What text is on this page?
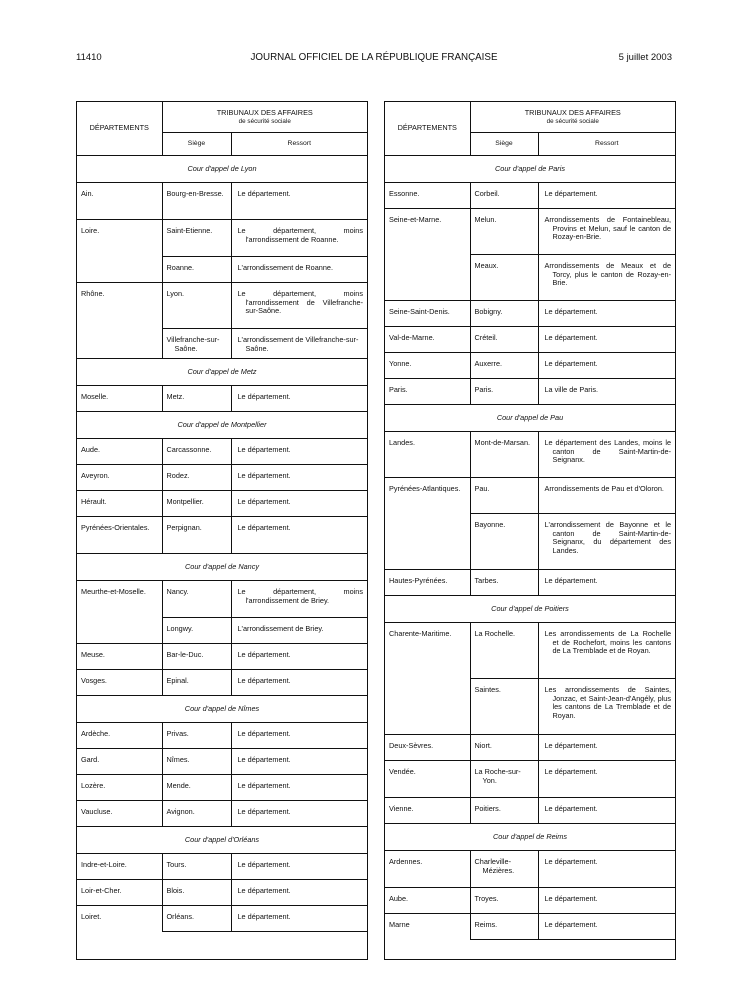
11410	JOURNAL OFFICIEL DE LA RÉPUBLIQUE FRANÇAISE	5 juillet 2003
DÉPARTEMENTS	TRIBUNAUX DES AFFAIRES
de sécurité sociale	

	Siège	Ressort
Cour d'appel de Lyon		
Ain.	Bourg-en-Bresse.	Le département.
Loire.	Saint-Etienne.	Le département, moins l'arrondissement de Roanne.

	Roanne.	L'arrondissement de Roanne.
Rhône.	Lyon.	Le département, moins l'arrondissement de Villefranche-sur-Saône.

	Villefranche-sur-Saône.	L'arrondissement de Villefranche-sur-Saône.

Cour d'appel de Metz		
Moselle.	Metz.	Le département.
Cour d'appel de Montpellier		
Aude.	Carcassonne.	Le département.
Aveyron.	Rodez.	Le département.
Hérault.	Montpellier.	Le département.

Pyrénées-Orientales.	Perpignan.	Le département.
Cour d'appel de Nancy		

Meurthe-et-Moselle.	Nancy.	Le département, moins l'arrondissement de Briey.

	Longwy.	L'arrondissement de Briey.
Meuse.	Bar-le-Duc.	Le département.
Vosges.	Epinal.	Le département.
Cour d'appel de Nîmes		
Ardèche.	Privas.	Le département.
Gard.	Nîmes.	Le département.
Lozère.	Mende.	Le département.
Vaucluse.	Avignon.	Le département.
Cour d'appel d'Orléans		
Indre-et-Loire.	Tours.	Le département.
Loir-et-Cher.	Blois.	Le département.
Loiret.	Orléans.	Le département.
DÉPARTEMENTS	TRIBUNAUX DES AFFAIRES
de sécurité sociale	

	Siège	Ressort
Cour d'appel de Paris		
Essonne.	Corbeil.	Le département.
Seine-et-Marne.	Melun.	Arrondissements de Fontainebleau, Provins et Melun, sauf le canton de Rozay-en-Brie.

	Meaux.	Arrondissements de Meaux et de Torcy, plus le canton de Rozay-en-Brie.

Seine-Saint-Denis.	Bobigny.	Le département.
Val-de-Marne.	Créteil.	Le département.
Yonne.	Auxerre.	Le département.
Paris.	Paris.	La ville de Paris.
Cour d'appel de Pau		
Landes.	Mont-de-Marsan.	Le département des Landes, moins le canton de Saint-Martin-de-Seignanx.

Pyrénées-Atlantiques.	Pau.	Arrondissements de Pau et d'Oloron.

	Bayonne.	L'arrondissement de Bayonne et le canton de Saint-Martin-de-Seignanx, du département des Landes.

Hautes-Pyrénées.	Tarbes.	Le département.
Cour d'appel de Poitiers		
Charente-Maritime.	La Rochelle.	Les arrondissements de La Rochelle et de Rochefort, moins les cantons de La Tremblade et de Royan.

	Saintes.	Les arrondissements de Saintes, Jonzac, et Saint-Jean-d'Angély, plus les cantons de La Tremblade et de Royan.

Deux-Sèvres.	Niort.	Le département.
Vendée.	La Roche-sur-Yon.	Le département.
Vienne.	Poitiers.	Le département.
Cour d'appel de Reims		
Ardennes.	Charleville-Mézières.	Le département.
Aube.	Troyes.	Le département.
Marne	Reims.	Le département.
